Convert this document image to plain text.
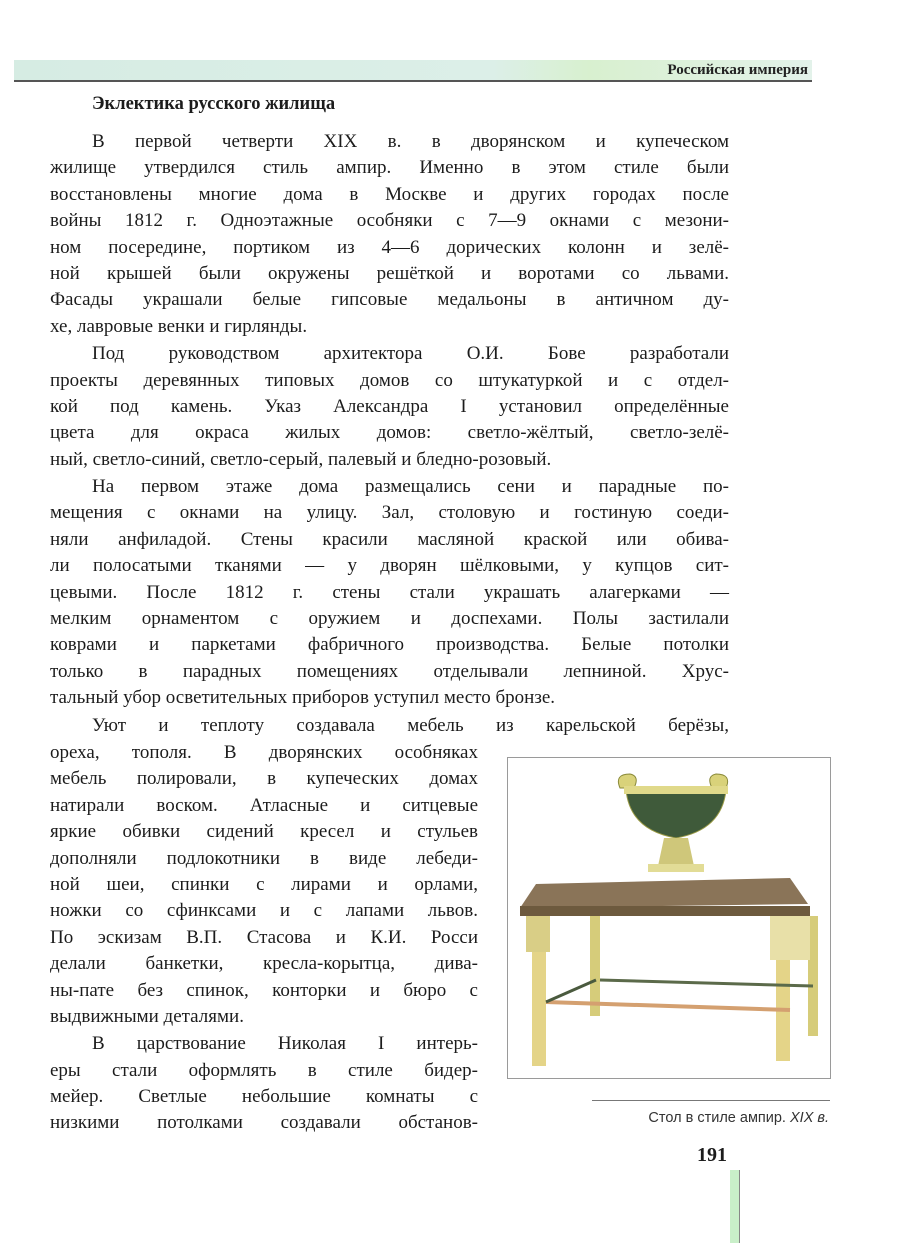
Российская империя
Эклектика русского жилища
В первой четверти XIX в. в дворянском и купеческом
жилище утвердился стиль ампир. Именно в этом стиле были
восстановлены многие дома в Москве и других городах после
войны 1812 г. Одноэтажные особняки с 7—9 окнами с мезони-
ном посередине, портиком из 4—6 дорических колонн и зелё-
ной крышей были окружены решёткой и воротами со львами.
Фасады украшали белые гипсовые медальоны в античном ду-
хе, лавровые венки и гирлянды.
Под руководством архитектора О.И. Бове разработали
проекты деревянных типовых домов со штукатуркой и с отдел-
кой под камень. Указ Александра I установил определённые
цвета для окраса жилых домов: светло-жёлтый, светло-зелё-
ный, светло-синий, светло-серый, палевый и бледно-розовый.
На первом этаже дома размещались сени и парадные по-
мещения с окнами на улицу. Зал, столовую и гостиную соеди-
няли анфиладой. Стены красили масляной краской или обива-
ли полосатыми тканями — у дворян шёлковыми, у купцов сит-
цевыми. После 1812 г. стены стали украшать алагерками —
мелким орнаментом с оружием и доспехами. Полы застилали
коврами и паркетами фабричного производства. Белые потолки
только в парадных помещениях отделывали лепниной. Хрус-
тальный убор осветительных приборов уступил место бронзе.
Уют и теплоту создавала мебель из карельской берёзы,
ореха, тополя. В дворянских особняках
мебель полировали, в купеческих домах
натирали воском. Атласные и ситцевые
яркие обивки сидений кресел и стульев
дополняли подлокотники в виде лебеди-
ной шеи, спинки с лирами и орлами,
ножки со сфинксами и с лапами львов.
По эскизам В.П. Стасова и К.И. Росси
делали банкетки, кресла-корытца, дива-
ны-пате без спинок, конторки и бюро с
выдвижными деталями.
В царствование Николая I интерь-
еры стали оформлять в стиле бидер-
мейер. Светлые небольшие комнаты с
низкими потолками создавали обстанов-	Стол в стиле ампир. XIX в.
191
